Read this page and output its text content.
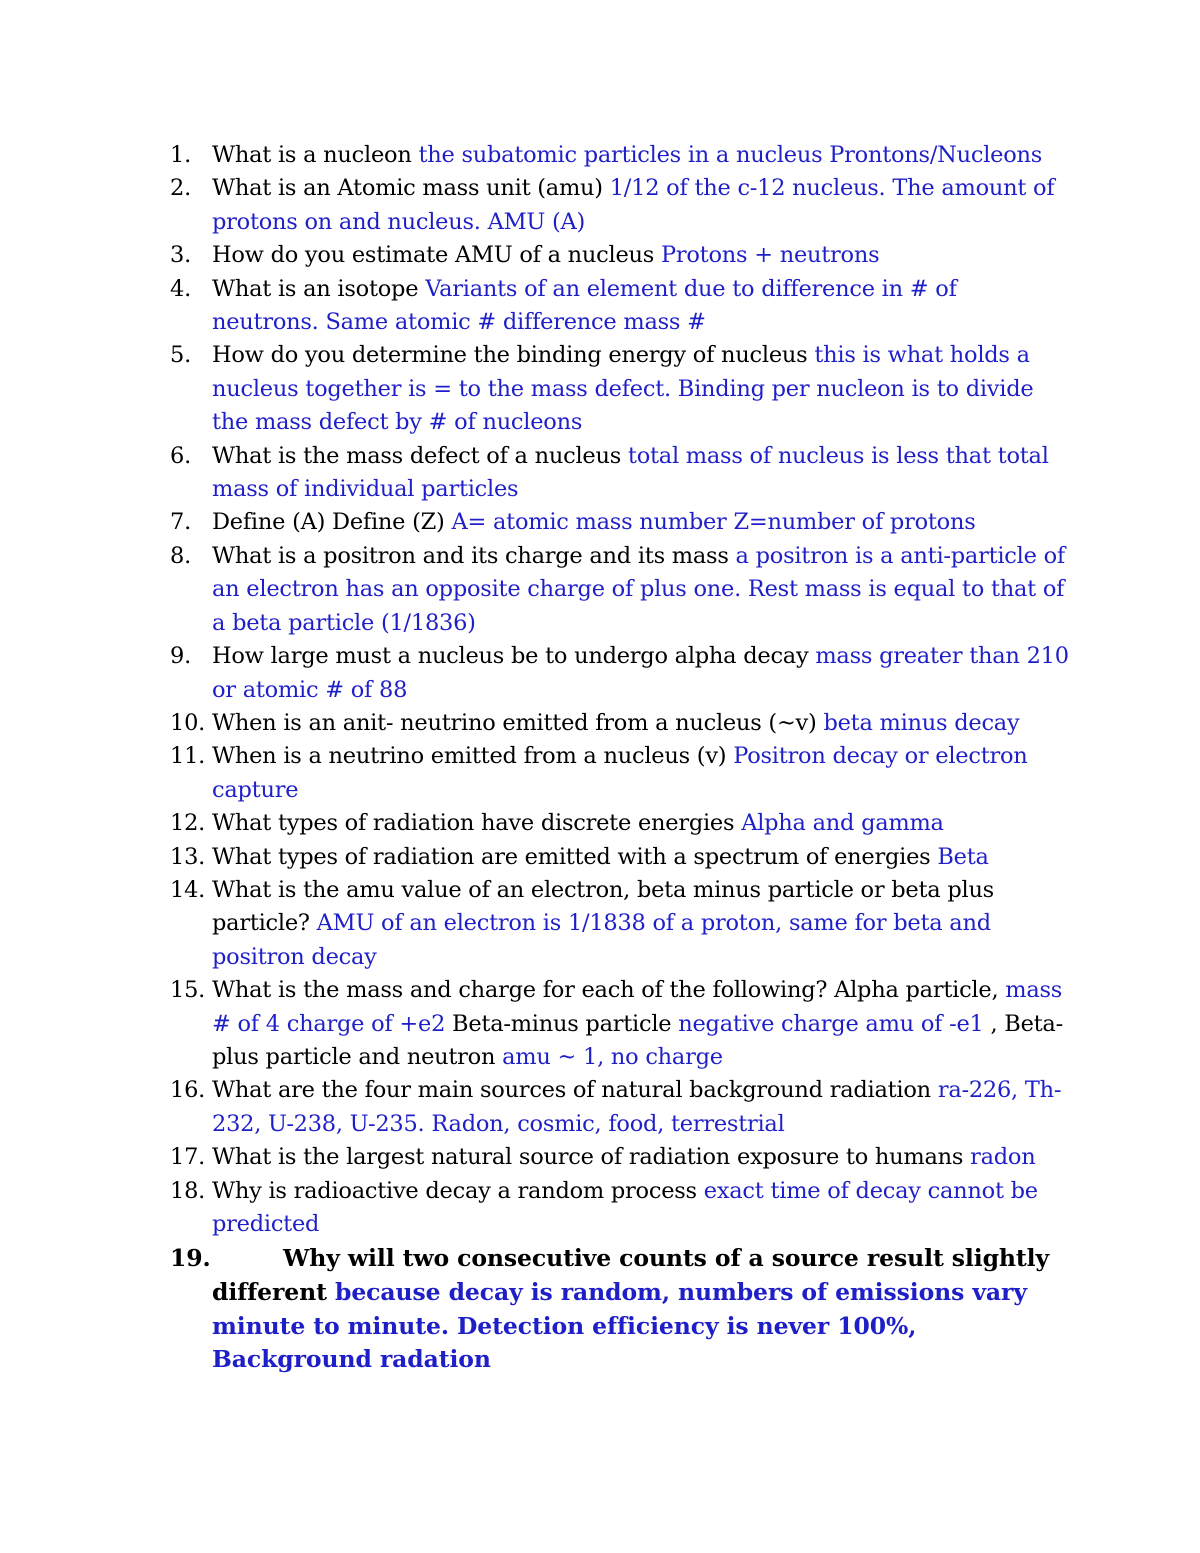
1. What is a nucleon the subatomic particles in a nucleus Prontons/Nucleons
2. What is an Atomic mass unit (amu) 1/12 of the c-12 nucleus. The amount of protons on and nucleus. AMU (A)
3. How do you estimate AMU of a nucleus Protons + neutrons
4. What is an isotope Variants of an element due to difference in # of neutrons. Same atomic # difference mass #
5. How do you determine the binding energy of nucleus this is what holds a nucleus together is = to the mass defect. Binding per nucleon is to divide the mass defect by # of nucleons
6. What is the mass defect of a nucleus total mass of nucleus is less that total mass of individual particles
7. Define (A) Define (Z) A= atomic mass number Z=number of protons
8. What is a positron and its charge and its mass a positron is a anti-particle of an electron has an opposite charge of plus one. Rest mass is equal to that of a beta particle (1/1836)
9. How large must a nucleus be to undergo alpha decay mass greater than 210 or atomic # of 88
10. When is an anit- neutrino emitted from a nucleus (~v) beta minus decay
11. When is a neutrino emitted from a nucleus (v) Positron decay or electron capture
12. What types of radiation have discrete energies Alpha and gamma
13. What types of radiation are emitted with a spectrum of energies Beta
14. What is the amu value of an electron, beta minus particle or beta plus particle? AMU of an electron is 1/1838 of a proton, same for beta and positron decay
15. What is the mass and charge for each of the following? Alpha particle, mass # of 4 charge of +e2 Beta-minus particle negative charge amu of -e1 , Beta-plus particle and neutron amu ~ 1, no charge
16. What are the four main sources of natural background radiation ra-226, Th-232, U-238, U-235. Radon, cosmic, food, terrestrial
17. What is the largest natural source of radiation exposure to humans radon
18. Why is radioactive decay a random process exact time of decay cannot be predicted
19.	Why will two consecutive counts of a source result slightly different because decay is random, numbers of emissions vary minute to minute. Detection efficiency is never 100%, Background radation
